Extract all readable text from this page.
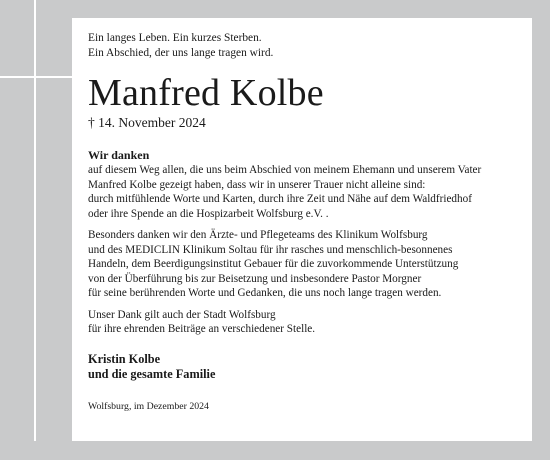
Ein langes Leben. Ein kurzes Sterben.
Ein Abschied, der uns lange tragen wird.
Manfred Kolbe
† 14. November 2024
Wir danken
auf diesem Weg allen, die uns beim Abschied von meinem Ehemann und unserem Vater
Manfred Kolbe gezeigt haben, dass wir in unserer Trauer nicht alleine sind:
durch mitfühlende Worte und Karten, durch ihre Zeit und Nähe auf dem Waldfriedhof
oder ihre Spende an die Hospizarbeit Wolfsburg e.V. .
Besonders danken wir den Ärzte- und Pflegeteams des Klinikum Wolfsburg
und des MEDICLIN Klinikum Soltau für ihr rasches und menschlich-besonnenes
Handeln, dem Beerdigungsinstitut Gebauer für die zuvorkommende Unterstützung
von der Überführung bis zur Beisetzung und insbesondere Pastor Morgner
für seine berührenden Worte und Gedanken, die uns noch lange tragen werden.
Unser Dank gilt auch der Stadt Wolfsburg
für ihre ehrenden Beiträge an verschiedener Stelle.
Kristin Kolbe
und die gesamte Familie
Wolfsburg, im Dezember 2024
